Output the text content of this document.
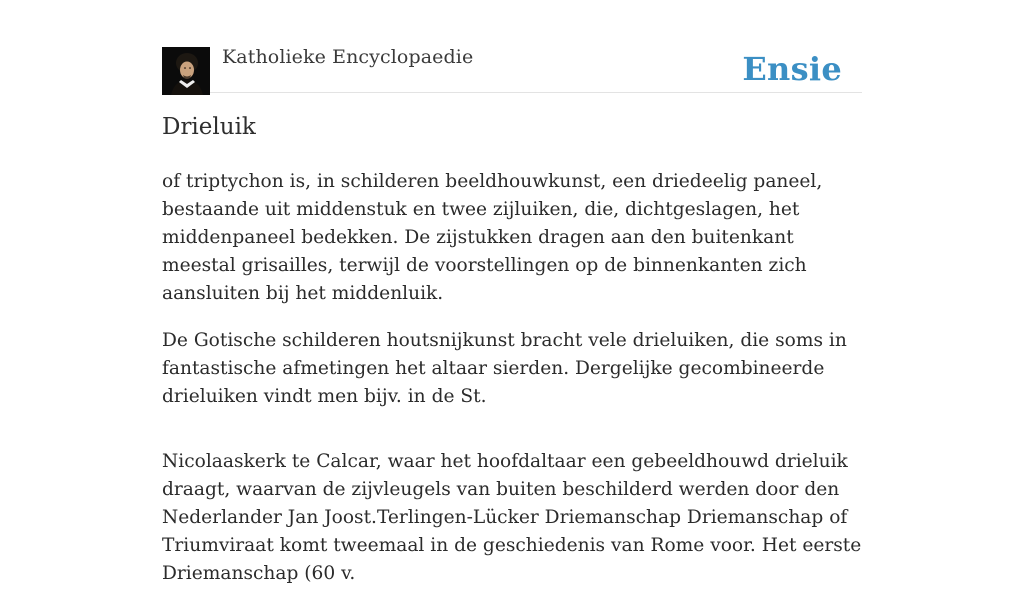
Katholieke Encyclopaedie	Ensie
Drieluik

of triptychon is, in schilderen beeldhouwkunst, een driedeelig paneel, bestaande uit middenstuk en twee zijluiken, die, dichtgeslagen, het middenpaneel bedekken. De zijstukken dragen aan den buitenkant meestal grisailles, terwijl de voorstellingen op de binnenkanten zich aansluiten bij het middenluik.

De Gotische schilderen houtsnijkunst bracht vele drieluiken, die soms in fantastische afmetingen het altaar sierden. Dergelijke gecombineerde drieluiken vindt men bijv. in de St.

Nicolaaskerk te Calcar, waar het hoofdaltaar een gebeeldhouwd drieluik draagt, waarvan de zijvleugels van buiten beschilderd werden door den Nederlander Jan Joost.Terlingen-Lücker Driemanschap Driemanschap of Triumviraat komt tweemaal in de geschiedenis van Rome voor. Het eerste Driemanschap (60 v.
